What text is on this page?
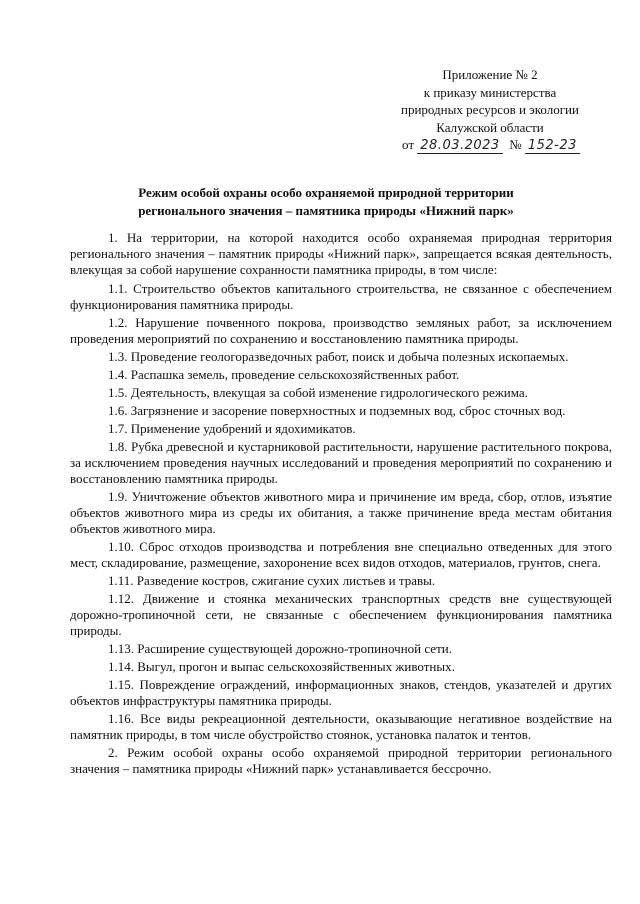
Приложение № 2
к приказу министерства
природных ресурсов и экологии
Калужской области
от 28.03.2023 № 152-23
Режим особой охраны особо охраняемой природной территории
регионального значения – памятника природы «Нижний парк»

1. На территории, на которой находится особо охраняемая природная территория регионального значения – памятник природы «Нижний парк», запрещается всякая деятельность, влекущая за собой нарушение сохранности памятника природы, в том числе:

1.1. Строительство объектов капитального строительства, не связанное с обеспечением функционирования памятника природы.

1.2. Нарушение почвенного покрова, производство земляных работ, за исключением проведения мероприятий по сохранению и восстановлению памятника природы.

1.3. Проведение геологоразведочных работ, поиск и добыча полезных ископаемых.

1.4. Распашка земель, проведение сельскохозяйственных работ.

1.5. Деятельность, влекущая за собой изменение гидрологического режима.

1.6. Загрязнение и засорение поверхностных и подземных вод, сброс сточных вод.

1.7. Применение удобрений и ядохимикатов.

1.8. Рубка древесной и кустарниковой растительности, нарушение растительного покрова, за исключением проведения научных исследований и проведения мероприятий по сохранению и восстановлению памятника природы.

1.9. Уничтожение объектов животного мира и причинение им вреда, сбор, отлов, изъятие объектов животного мира из среды их обитания, а также причинение вреда местам обитания объектов животного мира.

1.10. Сброс отходов производства и потребления вне специально отведенных для этого мест, складирование, размещение, захоронение всех видов отходов, материалов, грунтов, снега.

1.11. Разведение костров, сжигание сухих листьев и травы.

1.12. Движение и стоянка механических транспортных средств вне существующей дорожно-тропиночной сети, не связанные с обеспечением функционирования памятника природы.

1.13. Расширение существующей дорожно-тропиночной сети.

1.14. Выгул, прогон и выпас сельскохозяйственных животных.

1.15. Повреждение ограждений, информационных знаков, стендов, указателей и других объектов инфраструктуры памятника природы.

1.16. Все виды рекреационной деятельности, оказывающие негативное воздействие на памятник природы, в том числе обустройство стоянок, установка палаток и тентов.

2. Режим особой охраны особо охраняемой природной территории регионального значения – памятника природы «Нижний парк» устанавливается бессрочно.
